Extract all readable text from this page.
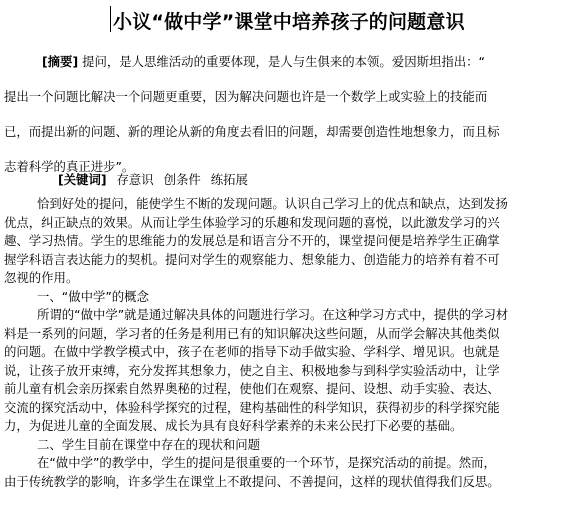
小议“做中学”课堂中培养孩子的问题意识
[摘要] 提问，是人思维活动的重要体现，是人与生俱来的本领。爱因斯坦指出：“
提出一个问题比解决一个问题更重要，因为解决问题也许是一个数学上或实验上的技能而
已，而提出新的问题、新的理论从新的角度去看旧的问题，却需要创造性地想象力，而且标
志着科学的真正进步”。
[关键词] 存意识 创条件 练拓展
恰到好处的提问，能使学生不断的发现问题。认识自己学习上的优点和缺点，达到发扬
优点，纠正缺点的效果。从而让学生体验学习的乐趣和发现问题的喜悦，以此激发学习的兴
趣、学习热情。学生的思维能力的发展总是和语言分不开的，课堂提问便是培养学生正确掌
握学科语言表达能力的契机。提问对学生的观察能力、想象能力、创造能力的培养有着不可
忽视的作用。
一、“做中学”的概念
所谓的“做中学”就是通过解决具体的问题进行学习。在这种学习方式中，提供的学习材
料是一系列的问题，学习者的任务是利用已有的知识解决这些问题，从而学会解决其他类似
的问题。在做中学教学模式中，孩子在老师的指导下动手做实验、学科学、增见识。也就是
说，让孩子放开束缚，充分发挥其想象力，使之自主、积极地参与到科学实验活动中，让学
前儿童有机会亲历探索自然界奥秘的过程，使他们在观察、提问、设想、动手实验、表达、
交流的探究活动中，体验科学探究的过程，建构基础性的科学知识，获得初步的科学探究能
力，为促进儿童的全面发展、成长为具有良好科学素养的未来公民打下必要的基础。
二、学生目前在课堂中存在的现状和问题
在“做中学”的教学中，学生的提问是很重要的一个环节，是探究活动的前提。然而，
由于传统教学的影响，许多学生在课堂上不敢提问、不善提问，这样的现状值得我们反思。
